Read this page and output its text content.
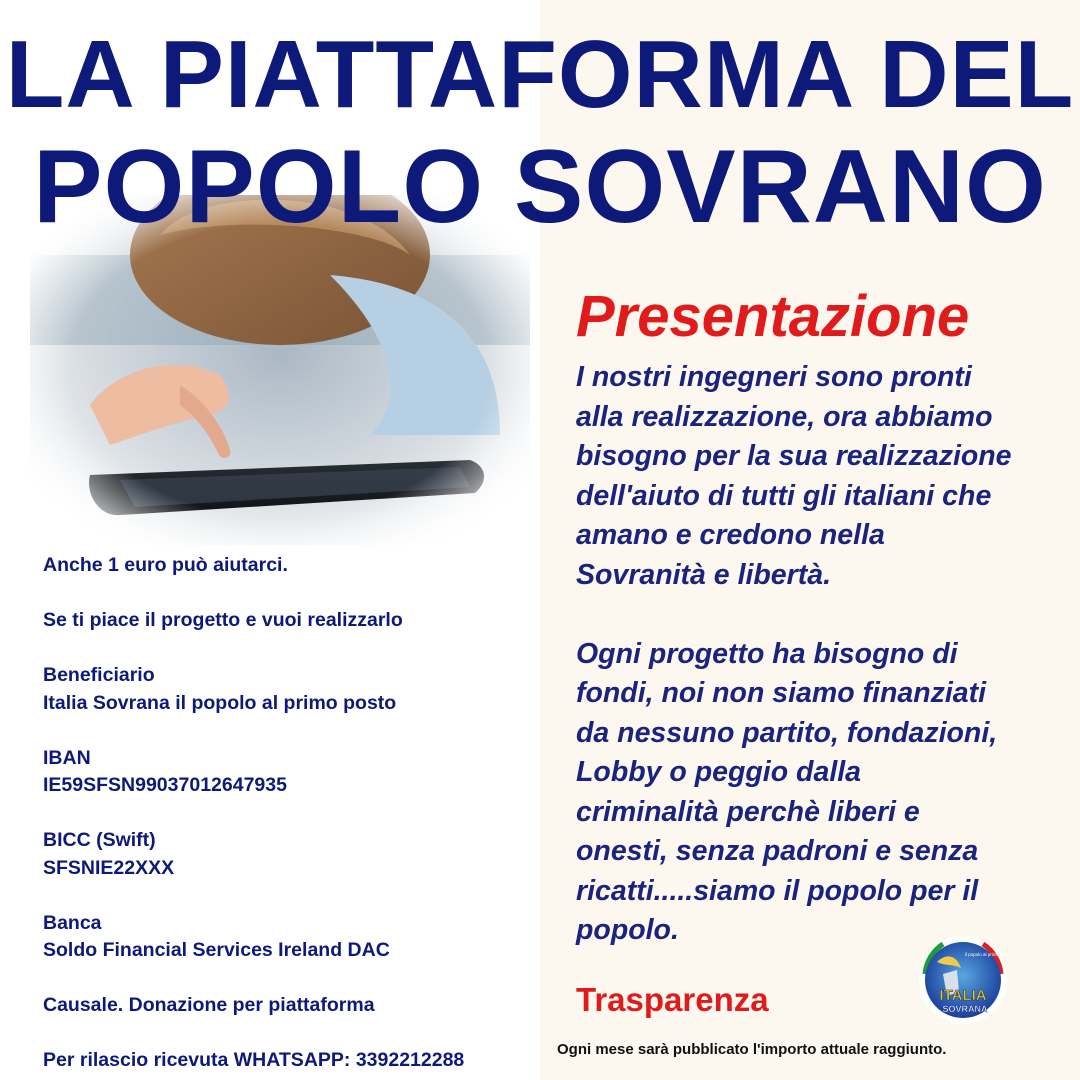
LA PIATTAFORMA DEL
POPOLO SOVRANO
Anche 1 euro può aiutarci.
Se ti piace il progetto e vuoi realizzarlo
Beneficiario
Italia Sovrana il popolo al primo posto
IBAN
IE59SFSN99037012647935
BICC (Swift)
SFSNIE22XXX
Banca
Soldo Financial Services Ireland DAC
Causale. Donazione per piattaforma
Per rilascio ricevuta WHATSAPP: 3392212288
Presentazione
I nostri ingegneri sono pronti
alla realizzazione, ora abbiamo
bisogno per la sua realizzazione
dell'aiuto di tutti gli italiani che
amano e credono nella
Sovranità e libertà.
Ogni progetto ha bisogno di
fondi, noi non siamo finanziati
da nessuno partito, fondazioni,
Lobby o peggio dalla
criminalità perchè liberi e
onesti, senza padroni e senza
ricatti.....siamo il popolo per il
popolo.
Trasparenza
Ogni mese sarà pubblicato l'importo attuale raggiunto.
il popolo al primo posto
ITALIA
SOVRANA
